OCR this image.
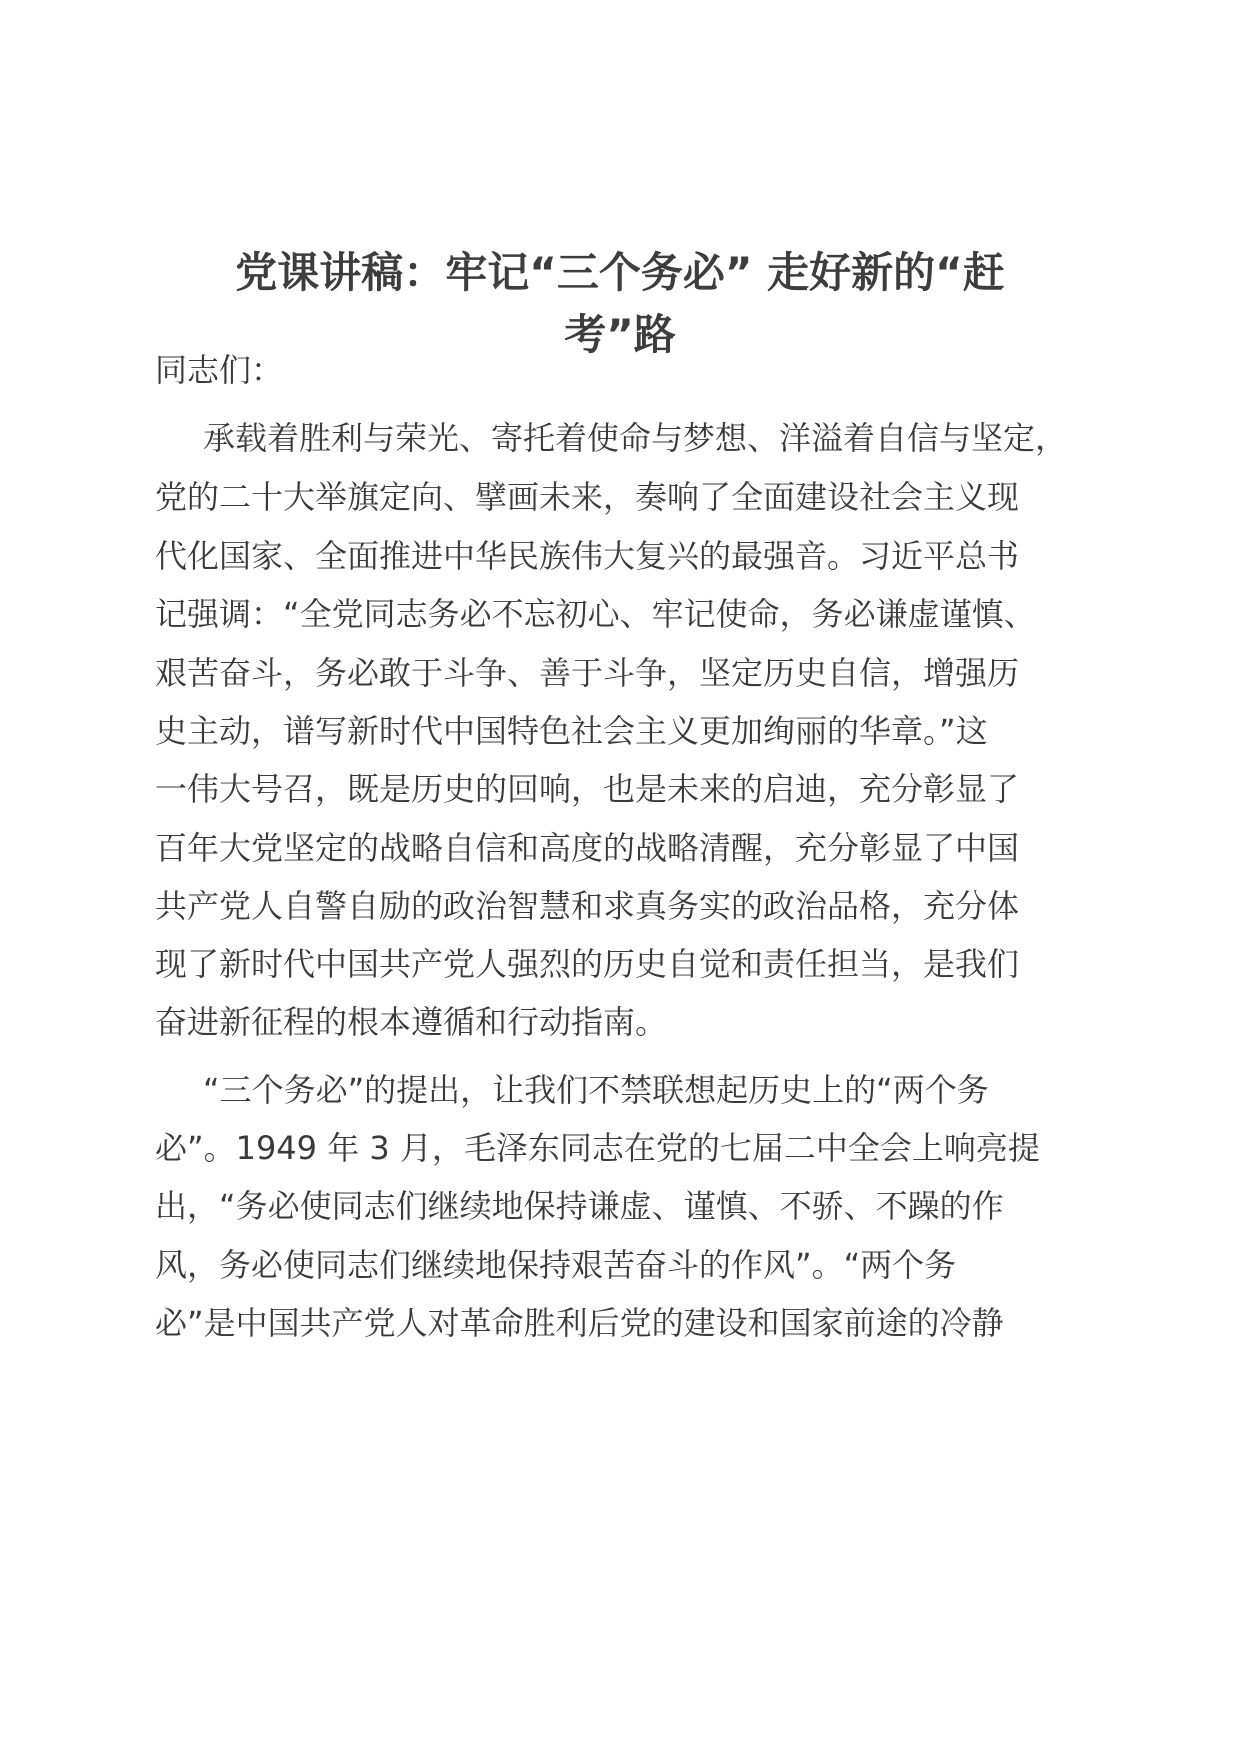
党课讲稿：牢记“三个务必” 走好新的“赶
考”路
同志们：
承载着胜利与荣光、寄托着使命与梦想、洋溢着自信与坚定，
党的二十大举旗定向、擘画未来，奏响了全面建设社会主义现
代化国家、全面推进中华民族伟大复兴的最强音。习近平总书
记强调：“全党同志务必不忘初心、牢记使命，务必谦虚谨慎、
艰苦奋斗，务必敢于斗争、善于斗争，坚定历史自信，增强历
史主动，谱写新时代中国特色社会主义更加绚丽的华章。”这
一伟大号召，既是历史的回响，也是未来的启迪，充分彰显了
百年大党坚定的战略自信和高度的战略清醒，充分彰显了中国
共产党人自警自励的政治智慧和求真务实的政治品格，充分体
现了新时代中国共产党人强烈的历史自觉和责任担当，是我们
奋进新征程的根本遵循和行动指南。
“三个务必”的提出，让我们不禁联想起历史上的“两个务
必”。1949 年 3 月，毛泽东同志在党的七届二中全会上响亮提
出，“务必使同志们继续地保持谦虚、谨慎、不骄、不躁的作
风，务必使同志们继续地保持艰苦奋斗的作风”。“两个务
必”是中国共产党人对革命胜利后党的建设和国家前途的冷静
